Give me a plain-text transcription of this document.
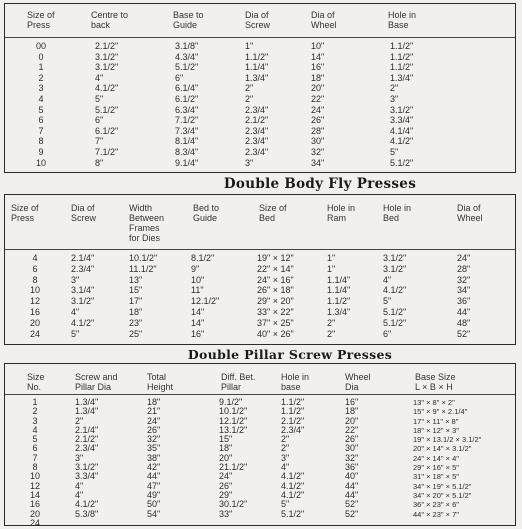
Size of
Press
Centre to
back
Base to
Guide
Dia of
Screw
Dia of
Wheel
Hole in
Base
00
0
1
2
3
4
5
6
7
8
9
10
2.1/2"
3.1/2"
3.1/2"
4"
4.1/2"
5"
5.1/2"
6"
6.1/2"
7"
7.1/2"
8"
3.1/8"
4.3/4"
5.1/2"
6"
6.1/4"
6.1/2"
6.3/4"
7.1/2"
7.3/4"
8.1/4"
8.3/4"
9.1/4"
1"
1.1/2"
1.1/4"
1.3/4"
2"
2"
2.3/4"
2.1/2"
2.3/4"
2.3/4"
2.3/4"
3"
10"
14"
16"
18"
20"
22"
24"
26"
28"
30"
32"
34"
1.1/2"
1.1/2"
1.1/2"
1.3/4"
2"
3"
3.1/2"
3.3/4"
4.1/4"
4.1/2"
5"
5.1/2"
Double Body Fly Presses
Size of
Press
Dia of
Screw
Width
Between
Frames
for Dies
Bed to
Guide
Size of
Bed
Hole in
Ram
Hole in
Bed
Dia of
Wheel
4
6
8
10
12
16
20
24
2.1/4"
2.3/4"
3"
3.1/4"
3.1/2"
4"
4.1/2"
5"
10.1/2"
11.1/2"
13"
15"
17"
18"
23"
25"
8.1/2"
9"
10"
11"
12.1/2"
14"
14"
16"
19" × 12"
22" × 14"
24" × 16"
26" × 18"
29" × 20"
33" × 22"
37" × 25"
40" × 26"
1"
1"
1.1/4"
1.1/4"
1.1/2"
1.3/4"
2"
2"
3.1/2"
3.1/2"
4"
4.1/2"
5"
5.1/2"
5.1/2"
6"
24"
28"
32"
34"
36"
44"
48"
52"
Double Pillar Screw Presses
Size
No.
Screw and
Pillar Dia
Total
Height
Diff. Bet.
Pillar
Hole in
base
Wheel
Dia
Base Size
L × B × H
1
2
3
4
5
6
7
8
10
12
14
16
20
24
1.3/4"
1.3/4"
2"
2.1/4"
2.1/2"
2.3/4"
3"
3.1/2"
3.3/4"
4"
4"
4.1/2"
5.3/8"
18"
21"
24"
26"
32"
35"
38"
42"
44"
47"
49"
50"
54"
9.1/2"
10.1/2"
12.1/2"
13.1/2"
15"
18"
20"
21.1/2"
24"
26"
29"
30.1/2"
33"
1.1/2"
1.1/2"
2.1/2"
2.3/4"
2"
2"
3"
4"
4.1/2"
4.1/2"
4.1/2"
5"
5.1/2"
16"
18"
20"
22"
26"
30"
32"
36"
40"
44"
44"
52"
52"
13" × 8" × 2"
15" × 9" × 2.1/4"
17" × 11" × 8"
18" × 12" × 3"
19" × 13.1/2 × 3.1/2"
20" × 14" × 3.1/2"
24" × 14" × 4"
29" × 16" × 5"
31" × 18" × 5"
34" × 19" × 5.1/2"
34" × 20" × 5.1/2"
36" × 23" × 6"
44" × 23" × 7"
